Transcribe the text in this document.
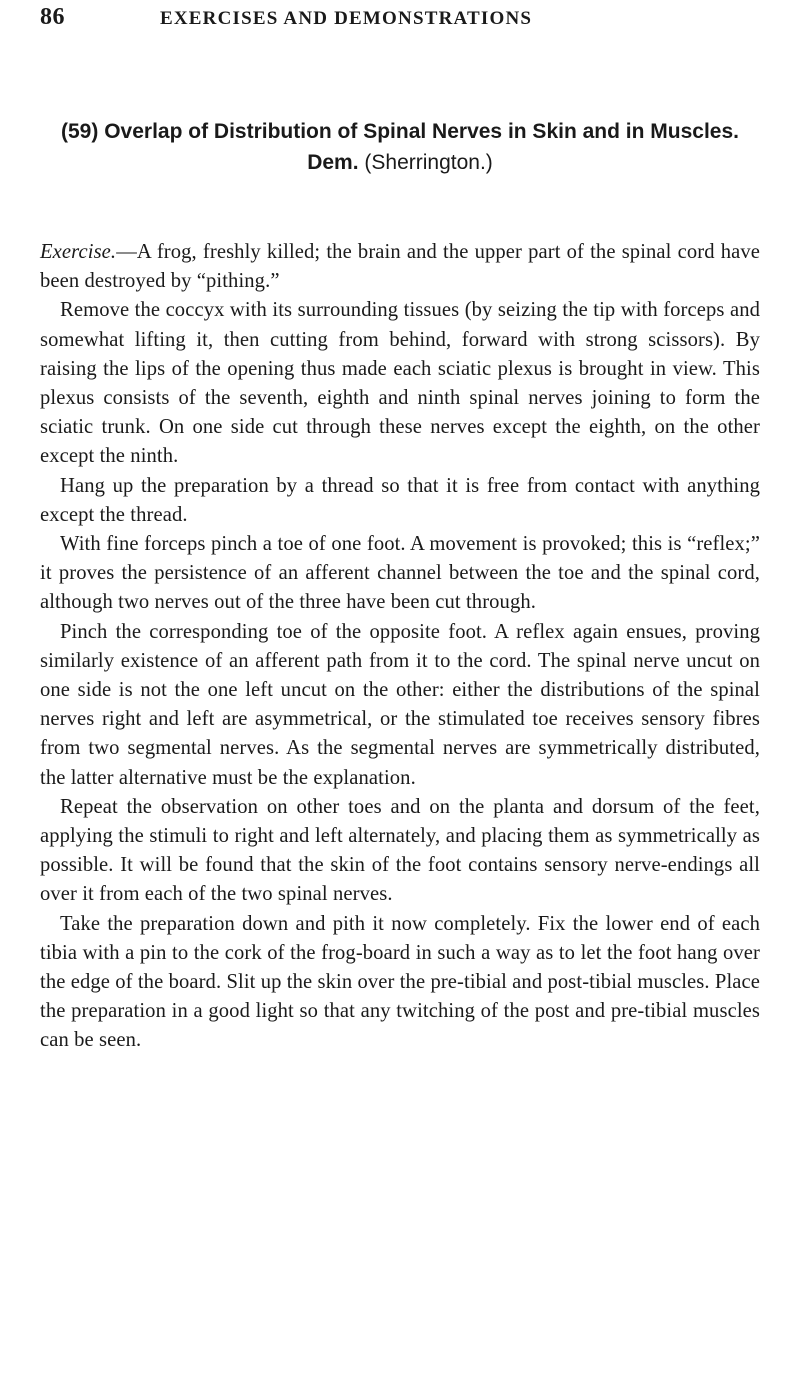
86	EXERCISES AND DEMONSTRATIONS
(59) Overlap of Distribution of Spinal Nerves in Skin and in Muscles. Dem. (Sherrington.)

Exercise.—A frog, freshly killed; the brain and the upper part of the spinal cord have been destroyed by “pithing.”

Remove the coccyx with its surrounding tissues (by seizing the tip with forceps and somewhat lifting it, then cutting from behind, forward with strong scissors). By raising the lips of the opening thus made each sciatic plexus is brought in view. This plexus consists of the seventh, eighth and ninth spinal nerves joining to form the sciatic trunk. On one side cut through these nerves except the eighth, on the other except the ninth.

Hang up the preparation by a thread so that it is free from contact with anything except the thread.

With fine forceps pinch a toe of one foot. A movement is provoked; this is “reflex;” it proves the persistence of an afferent channel between the toe and the spinal cord, although two nerves out of the three have been cut through.

Pinch the corresponding toe of the opposite foot. A reflex again ensues, proving similarly existence of an afferent path from it to the cord. The spinal nerve uncut on one side is not the one left uncut on the other: either the distributions of the spinal nerves right and left are asymmetrical, or the stimulated toe receives sensory fibres from two segmental nerves. As the segmental nerves are symmetrically distributed, the latter alternative must be the explanation.

Repeat the observation on other toes and on the planta and dorsum of the feet, applying the stimuli to right and left alternately, and placing them as symmetrically as possible. It will be found that the skin of the foot contains sensory nerve-endings all over it from each of the two spinal nerves.

Take the preparation down and pith it now completely. Fix the lower end of each tibia with a pin to the cork of the frog-board in such a way as to let the foot hang over the edge of the board. Slit up the skin over the pre-tibial and post-tibial muscles. Place the preparation in a good light so that any twitching of the post and pre-tibial muscles can be seen.
